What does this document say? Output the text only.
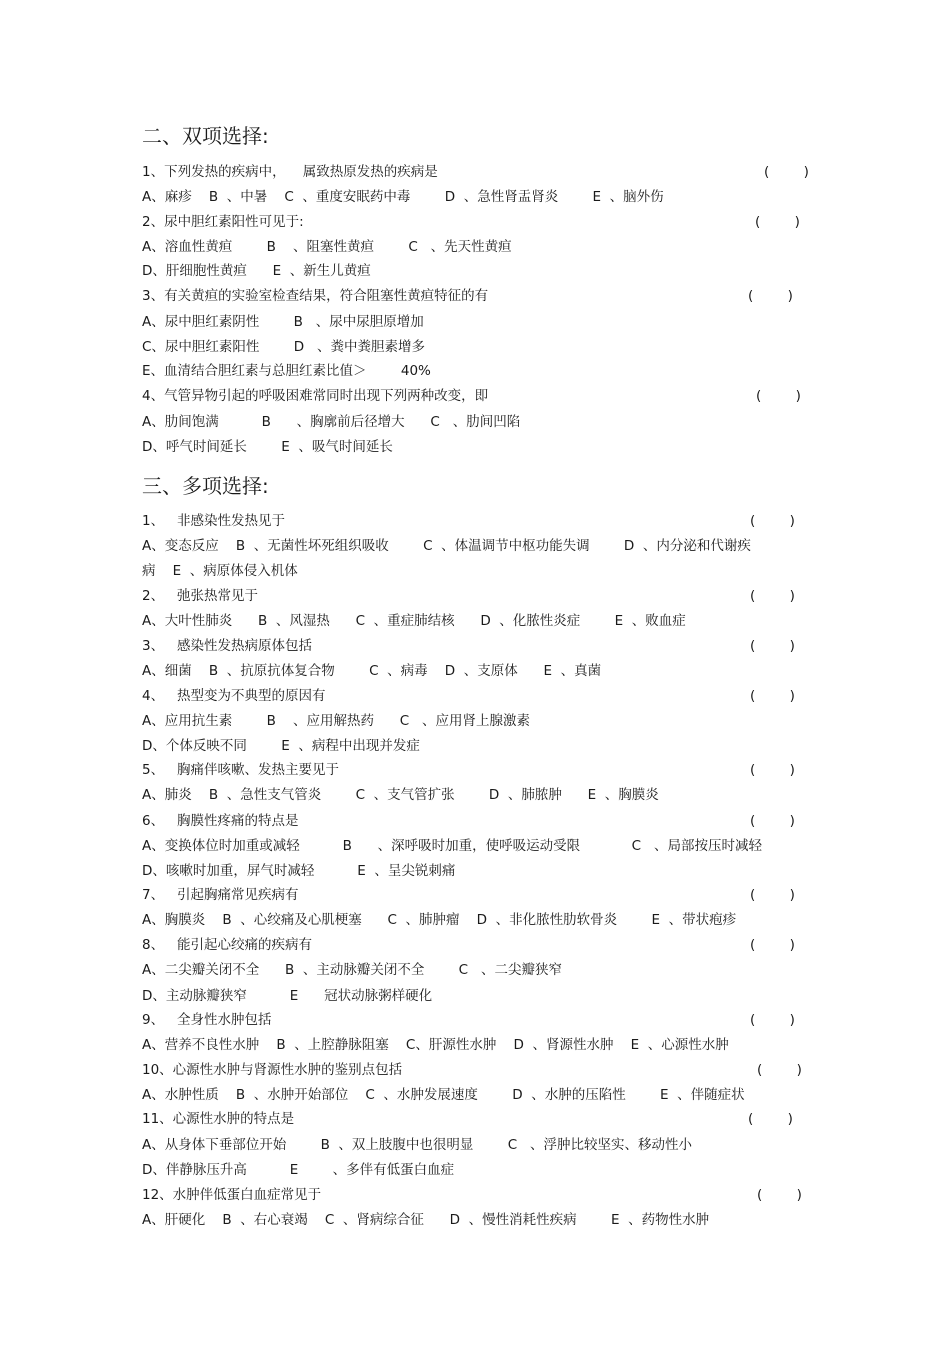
二、双项选择:
1、下列发热的疾病中，    属致热原发热的疾病是	(        )
A、麻疹    B  、中暑    C  、重度安眠药中毒        D  、急性肾盂肾炎        E  、脑外伤
2、尿中胆红素阳性可见于:	(        )
A、溶血性黄疸        B    、阻塞性黄疸        C   、先天性黄疸
D、肝细胞性黄疸      E  、新生儿黄疸
3、有关黄疸的实验室检查结果，符合阻塞性黄疸特征的有	(        )
A、尿中胆红素阴性        B   、尿中尿胆原增加
C、尿中胆红素阳性        D   、粪中粪胆素增多
E、血清结合胆红素与总胆红素比值＞        40%
4、气管异物引起的呼吸困难常同时出现下列两种改变，即	(        )
A、肋间饱满          B      、胸廓前后径增大      C   、肋间凹陷
D、呼气时间延长        E  、吸气时间延长
三、多项选择:
1、   非感染性发热见于	(        )
A、变态反应    B  、无菌性坏死组织吸收        C  、体温调节中枢功能失调        D  、内分泌和代谢疾
病    E  、病原体侵入机体
2、   弛张热常见于	(        )
A、大叶性肺炎      B  、风湿热      C  、重症肺结核      D  、化脓性炎症        E  、败血症
3、   感染性发热病原体包括	(        )
A、细菌    B  、抗原抗体复合物        C  、病毒    D  、支原体      E  、真菌
4、   热型变为不典型的原因有	(        )
A、应用抗生素        B    、应用解热药      C   、应用肾上腺激素
D、个体反映不同        E  、病程中出现并发症
5、   胸痛伴咳嗽、发热主要见于	(        )
A、肺炎    B  、急性支气管炎        C  、支气管扩张        D  、肺脓肿      E  、胸膜炎
6、   胸膜性疼痛的特点是	(        )
A、变换体位时加重或减轻          B      、深呼吸时加重，使呼吸运动受限            C   、局部按压时减轻
D、咳嗽时加重，屏气时减轻          E  、呈尖锐刺痛
7、   引起胸痛常见疾病有	(        )
A、胸膜炎    B  、心绞痛及心肌梗塞      C  、肺肿瘤    D  、非化脓性肋软骨炎        E  、带状疱疹
8、   能引起心绞痛的疾病有	(        )
A、二尖瓣关闭不全      B  、主动脉瓣关闭不全        C   、二尖瓣狭窄
D、主动脉瓣狭窄          E      冠状动脉粥样硬化
9、   全身性水肿包括	(        )
A、营养不良性水肿    B  、上腔静脉阻塞    C、肝源性水肿    D  、肾源性水肿    E  、心源性水肿
10、心源性水肿与肾源性水肿的鉴别点包括	(        )
A、水肿性质    B  、水肿开始部位    C  、水肿发展速度        D  、水肿的压陷性        E  、伴随症状
11、心源性水肿的特点是	(        )
A、从身体下垂部位开始        B  、双上肢腹中也很明显        C   、浮肿比较坚实、移动性小
D、伴静脉压升高          E        、多伴有低蛋白血症
12、水肿伴低蛋白血症常见于	(        )
A、肝硬化    B  、右心衰竭    C  、肾病综合征      D  、慢性消耗性疾病        E  、药物性水肿
